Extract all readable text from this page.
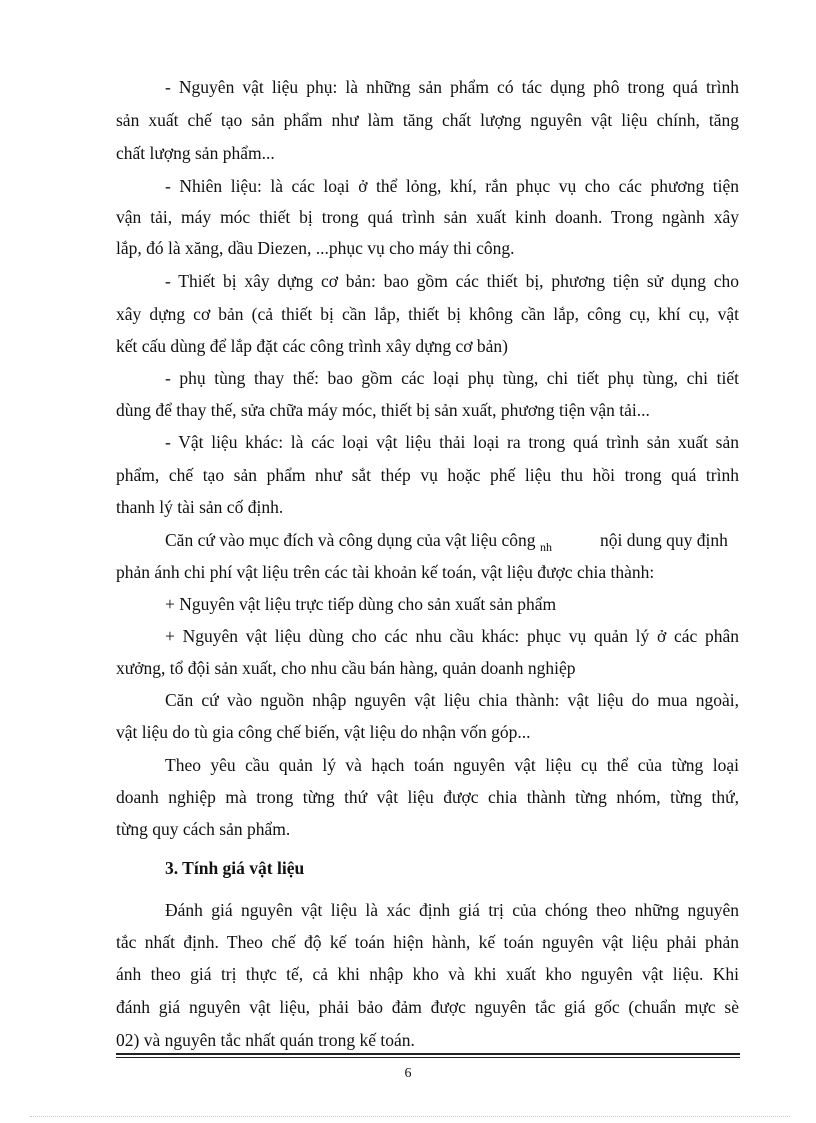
- Nguyên vật liệu phụ: là những sản phẩm có tác dụng phô trong quá trình
sản xuất chế tạo sản phẩm như làm tăng chất lượng nguyên vật liệu chính, tăng
chất lượng sản phẩm...
- Nhiên liệu: là các loại ở thể lỏng, khí, rắn phục vụ cho các phương tiện
vận tải, máy móc thiết bị trong quá trình sản xuất kinh doanh. Trong ngành xây
lắp, đó là xăng, dầu Diezen, ...phục vụ cho máy thi công.
- Thiết bị xây dựng cơ bản: bao gồm các thiết bị, phương tiện sử dụng cho
xây dựng cơ bản (cả thiết bị cần lắp, thiết bị không cần lắp, công cụ, khí cụ, vật
kết cấu dùng để lắp đặt các công trình xây dựng cơ bản)
- phụ tùng thay thế: bao gồm các loại phụ tùng, chi tiết phụ tùng, chi tiết
dùng để thay thế, sửa chữa máy móc, thiết bị sản xuất, phương tiện vận tải...
- Vật liệu khác: là các loại vật liệu thải loại ra trong quá trình sản xuất sản
phẩm, chế tạo sản phẩm như sắt thép vụ hoặc phế liệu thu hồi trong quá trình
thanh lý tài sản cố định.
Căn cứ vào mục đích và công dụng của vật liệu công $_{nh}$	nội dung quy định
phản ánh chi phí vật liệu trên các tài khoản kế toán, vật liệu được chia thành:
+ Nguyên vật liệu trực tiếp dùng cho sản xuất sản phẩm
+ Nguyên vật liệu dùng cho các nhu cầu khác: phục vụ quản lý ở các phân
xưởng, tổ đội sản xuất, cho nhu cầu bán hàng, quản doanh nghiệp
Căn cứ vào nguồn nhập nguyên vật liệu chia thành: vật liệu do mua ngoài,
vật liệu do tù gia công chế biến, vật liệu do nhận vốn góp...
Theo yêu cầu quản lý và hạch toán nguyên vật liệu cụ thể của từng loại
doanh nghiệp mà trong từng thứ vật liệu được chia thành từng nhóm, từng thứ,
từng quy cách sản phẩm.
3. Tính giá vật liệu
Đánh giá nguyên vật liệu là xác định giá trị của chóng theo những nguyên
tắc nhất định. Theo chế độ kế toán hiện hành, kế toán nguyên vật liệu phải phản
ánh theo giá trị thực tế, cả khi nhập kho và khi xuất kho nguyên vật liệu. Khi
đánh giá nguyên vật liệu, phải bảo đảm được nguyên tắc giá gốc (chuẩn mực sè
02) và nguyên tắc nhất quán trong kế toán.
6
